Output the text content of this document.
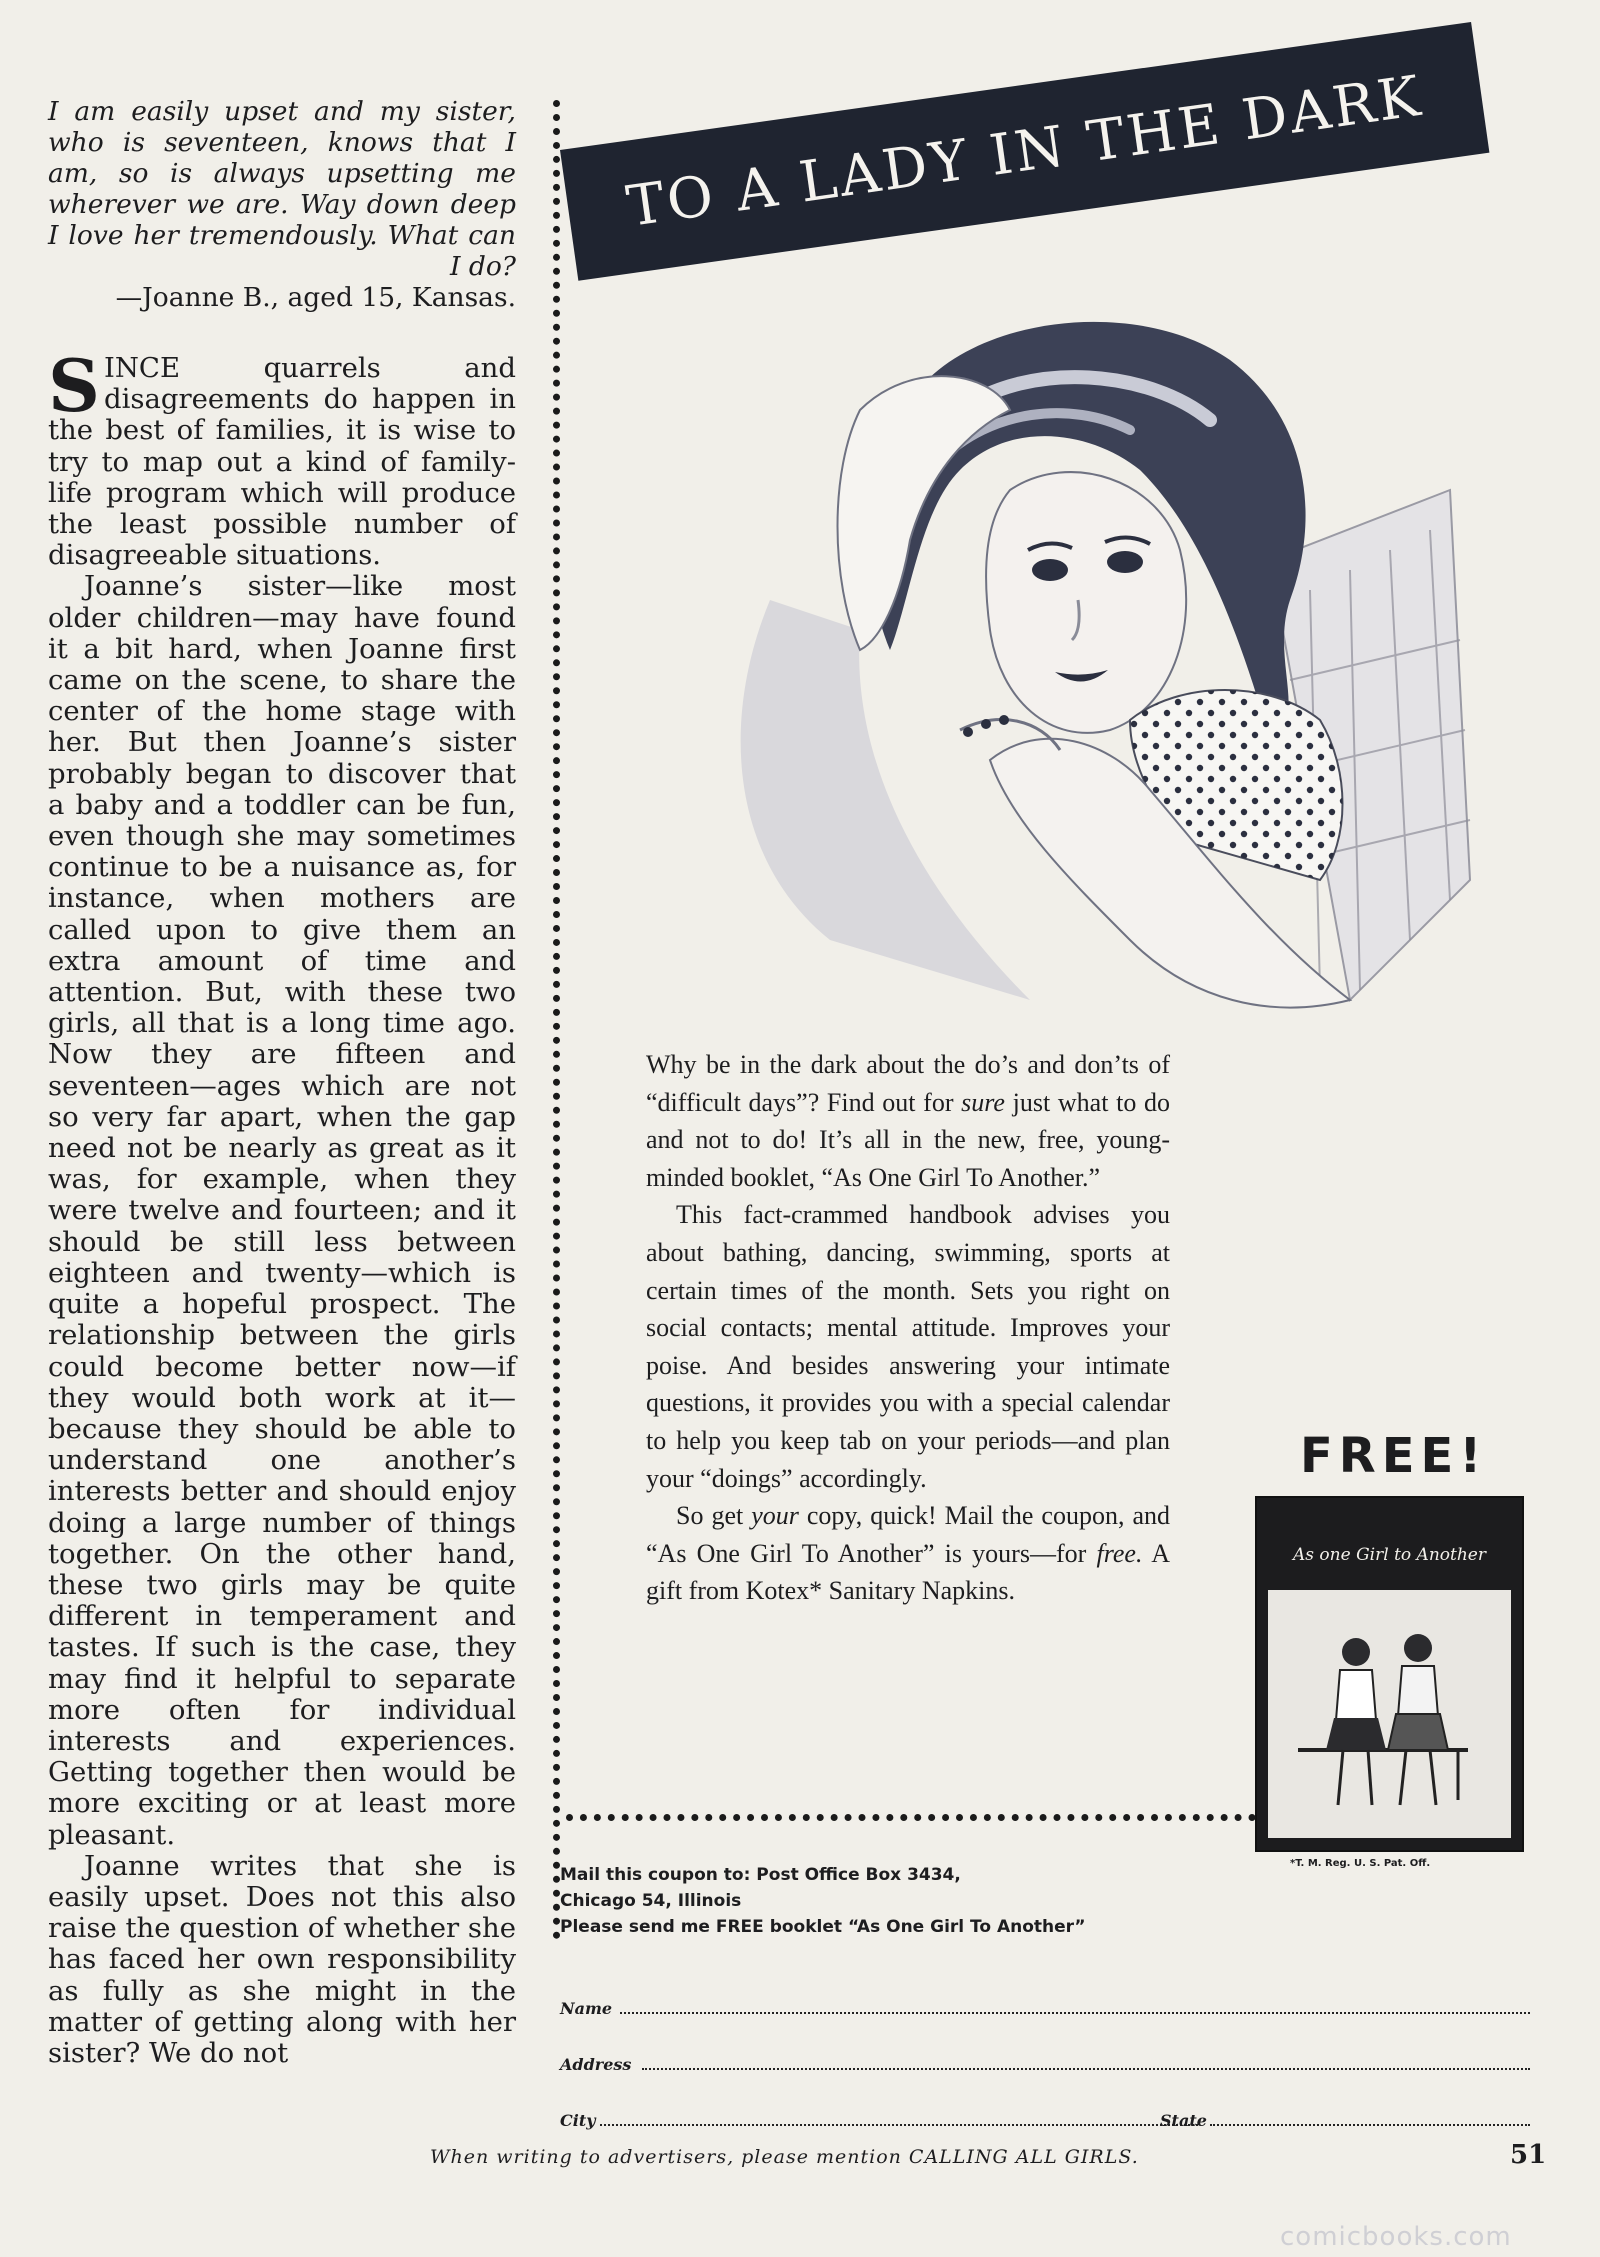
I am easily upset and my sister, who is seventeen, knows that I am, so is always upsetting me wherever we are. Way down deep I love her tremendously. What can I do?
—Joanne B., aged 15, Kansas.

SINCE quarrels and disagreements do happen in the best of families, it is wise to try to map out a kind of family-life program which will produce the least possible number of disagreeable situations.

Joanne’s sister—like most older children—may have found it a bit hard, when Joanne first came on the scene, to share the center of the home stage with her. But then Joanne’s sister probably began to discover that a baby and a toddler can be fun, even though she may sometimes continue to be a nuisance as, for instance, when mothers are called upon to give them an extra amount of time and attention. But, with these two girls, all that is a long time ago. Now they are fifteen and seventeen—ages which are not so very far apart, when the gap need not be nearly as great as it was, for example, when they were twelve and fourteen; and it should be still less between eighteen and twenty—which is quite a hopeful prospect. The relationship between the girls could become better now—if they would both work at it—because they should be able to understand one another’s interests better and should enjoy doing a large number of things together. On the other hand, these two girls may be quite different in temperament and tastes. If such is the case, they may find it helpful to separate more often for individual interests and experiences. Getting together then would be more exciting or at least more pleasant.

Joanne writes that she is easily upset. Does not this also raise the question of whether she has faced her own responsibility as fully as she might in the matter of getting along with her sister? We do not

TO A LADY IN THE DARK

Why be in the dark about the do’s and don’ts of “difficult days”? Find out for sure just what to do and not to do! It’s all in the new, free, young-minded booklet, “As One Girl To Another.”

This fact-crammed handbook advises you about bathing, dancing, swimming, sports at certain times of the month. Sets you right on social contacts; mental attitude. Improves your poise. And besides answering your intimate questions, it provides you with a special calendar to help you keep tab on your periods—and plan your “doings” accordingly.

So get your copy, quick! Mail the coupon, and “As One Girl To Another” is yours—for free. A gift from Kotex* Sanitary Napkins.

FREE!
As one Girl to Another
*T. M. Reg. U. S. Pat. Off.
Mail this coupon to: Post Office Box 3434,
Chicago 54, Illinois
Please send me FREE booklet “As One Girl To Another”
Name
Address
City	State
When writing to advertisers, please mention CALLING ALL GIRLS.	51
comicbooks.com
